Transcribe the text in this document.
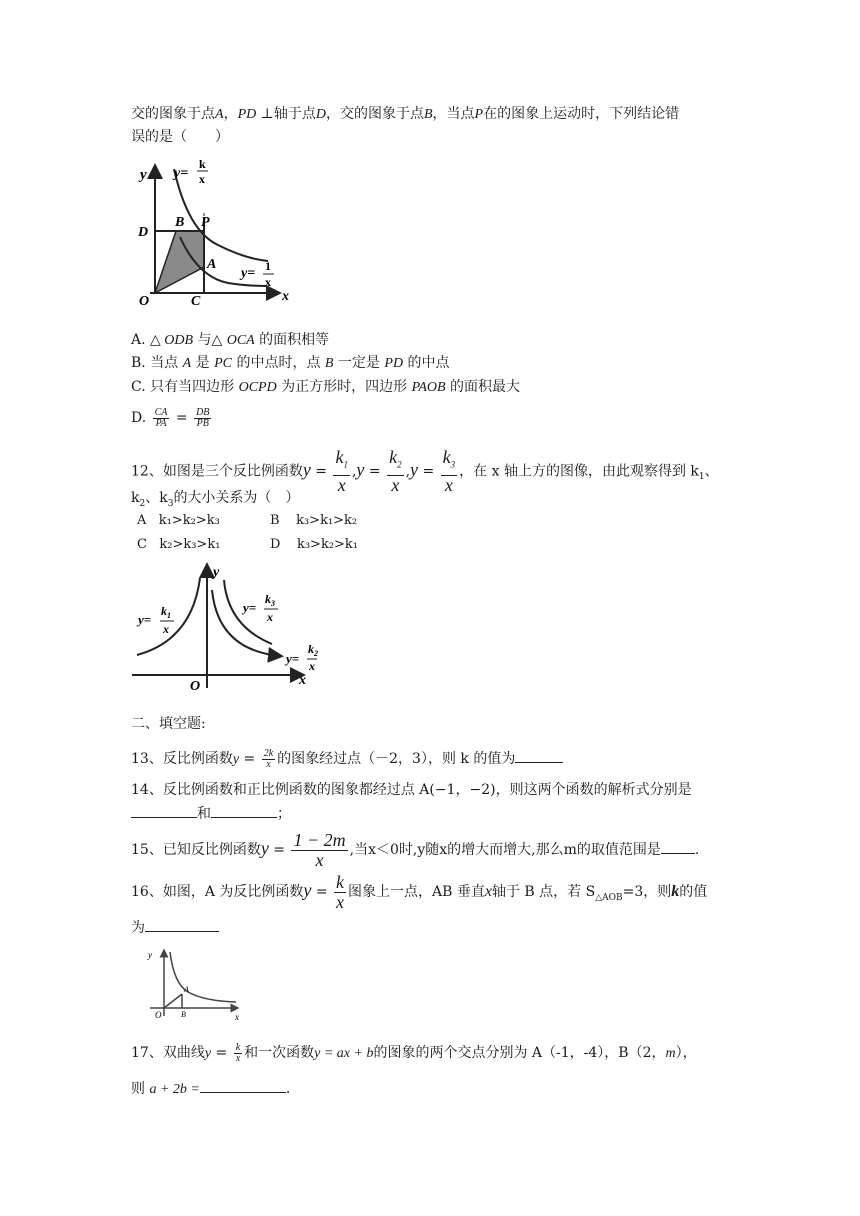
交的图象于点A，PD ⊥轴于点D，交的图象于点B，当点P在的图象上运动时，下列结论错
误的是（　　）
y
x
y=
k
x
y= 1
x
D
B P
A
O	C
A. △ ODB 与△ OCA 的面积相等
B. 当点 A 是 PC 的中点时，点 B 一定是 PD 的中点
C. 只有当四边形 OCPD 为正方形时，四边形 PAOB 的面积最大
D. $\frac{CA}{PA} = \frac{DB}{PB}$
12、如图是三个反比例函数$y = \frac{k_1}{x} ,y = \frac{k_2}{x} ,y = \frac{k_3}{x}$ ，在 x 轴上方的图像，由此观察得到 $k_1$、
$k_2$、$k_3$的大小关系为（　）
A k₁>k₂>k₃	B k₃>k₁>k₂
C k₂>k₃>k₁	D k₃>k₂>k₁
y
x
O
y=
$k_1$
x
y=
$k_3$
x
y=
$k_2$
x
二、填空题:
13、反比例函数$y = \frac{2k}{x}$ 的图象经过点（－2，3），则 k 的值为
14、反比例函数和正比例函数的图象都经过点 A(−1，−2)，则这两个函数的解析式分别是
和	；
15、已知反比例函数$y = \frac{1 - 2m}{x}$ ,当x＜0时,y随x的增大而增大,那么m的取值范围是 .
16、如图，A 为反比例函数$y = \frac{k}{x}$ 图象上一点，AB 垂直x轴于 B 点，若 $S_{\triangle AOB}=3$，则k的值
为
y
x
O
A
B
17、双曲线$y = \frac{k}{x}$ 和一次函数y = ax + b的图象的两个交点分别为 A（-1，-4），B（2，m），
则 a + 2b =	.
